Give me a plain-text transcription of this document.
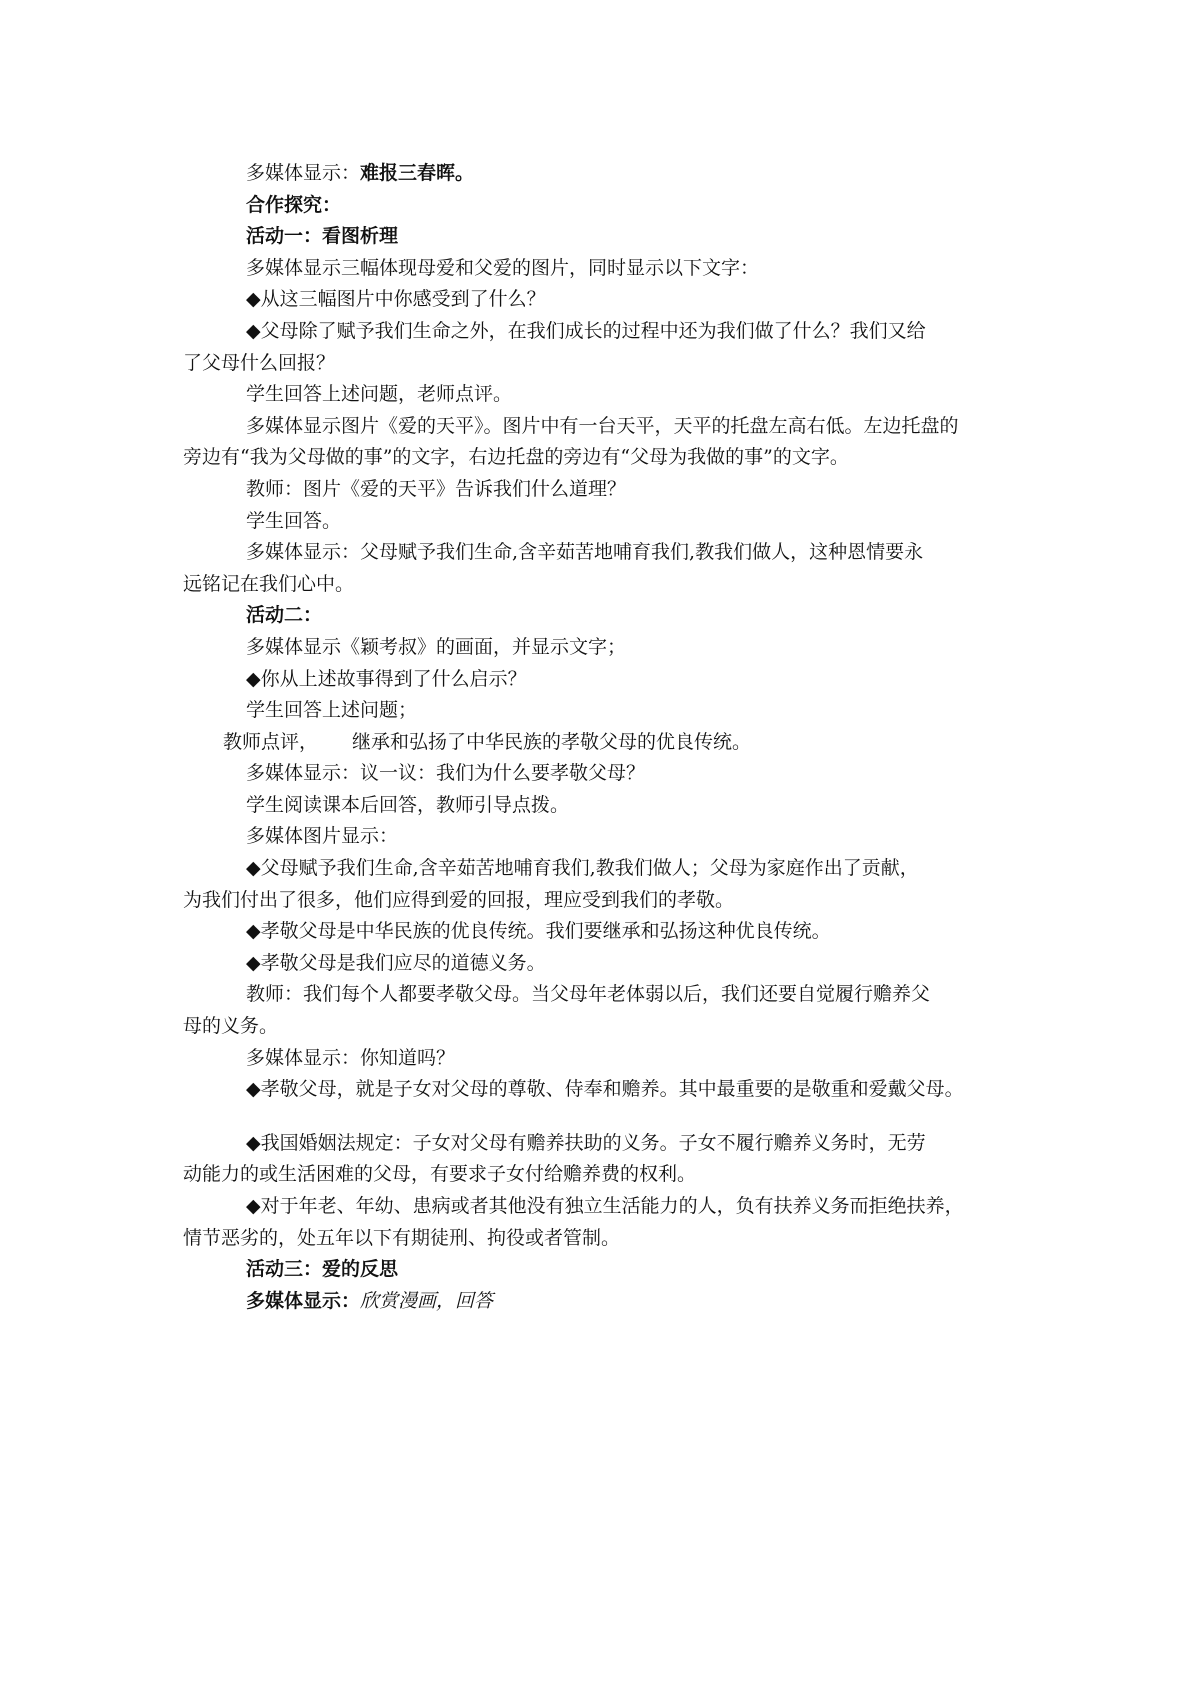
多媒体显示：难报三春晖。
合作探究：
活动一：看图析理
多媒体显示三幅体现母爱和父爱的图片，同时显示以下文字：
◆从这三幅图片中你感受到了什么？
◆父母除了赋予我们生命之外，在我们成长的过程中还为我们做了什么？我们又给
了父母什么回报？
学生回答上述问题，老师点评。
多媒体显示图片《爱的天平》。图片中有一台天平，天平的托盘左高右低。左边托盘的
旁边有“我为父母做的事”的文字，右边托盘的旁边有“父母为我做的事”的文字。
教师：图片《爱的天平》告诉我们什么道理？
学生回答。
多媒体显示：父母赋予我们生命,含辛茹苦地哺育我们,教我们做人，这种恩情要永
远铭记在我们心中。
活动二：
多媒体显示《颖考叔》的画面，并显示文字；
◆你从上述故事得到了什么启示？
学生回答上述问题；
教师点评， 继承和弘扬了中华民族的孝敬父母的优良传统。
多媒体显示：议一议：我们为什么要孝敬父母？
学生阅读课本后回答，教师引导点拨。
多媒体图片显示：
◆父母赋予我们生命,含辛茹苦地哺育我们,教我们做人；父母为家庭作出了贡献，
为我们付出了很多，他们应得到爱的回报，理应受到我们的孝敬。
◆孝敬父母是中华民族的优良传统。我们要继承和弘扬这种优良传统。
◆孝敬父母是我们应尽的道德义务。
教师：我们每个人都要孝敬父母。当父母年老体弱以后，我们还要自觉履行赡养父
母的义务。
多媒体显示：你知道吗？
◆孝敬父母，就是子女对父母的尊敬、侍奉和赡养。其中最重要的是敬重和爱戴父母。
◆我国婚姻法规定：子女对父母有赡养扶助的义务。子女不履行赡养义务时，无劳
动能力的或生活困难的父母，有要求子女付给赡养费的权利。
◆对于年老、年幼、患病或者其他没有独立生活能力的人，负有扶养义务而拒绝扶养，
情节恶劣的，处五年以下有期徒刑、拘役或者管制。
活动三：爱的反思
多媒体显示：欣赏漫画，回答
